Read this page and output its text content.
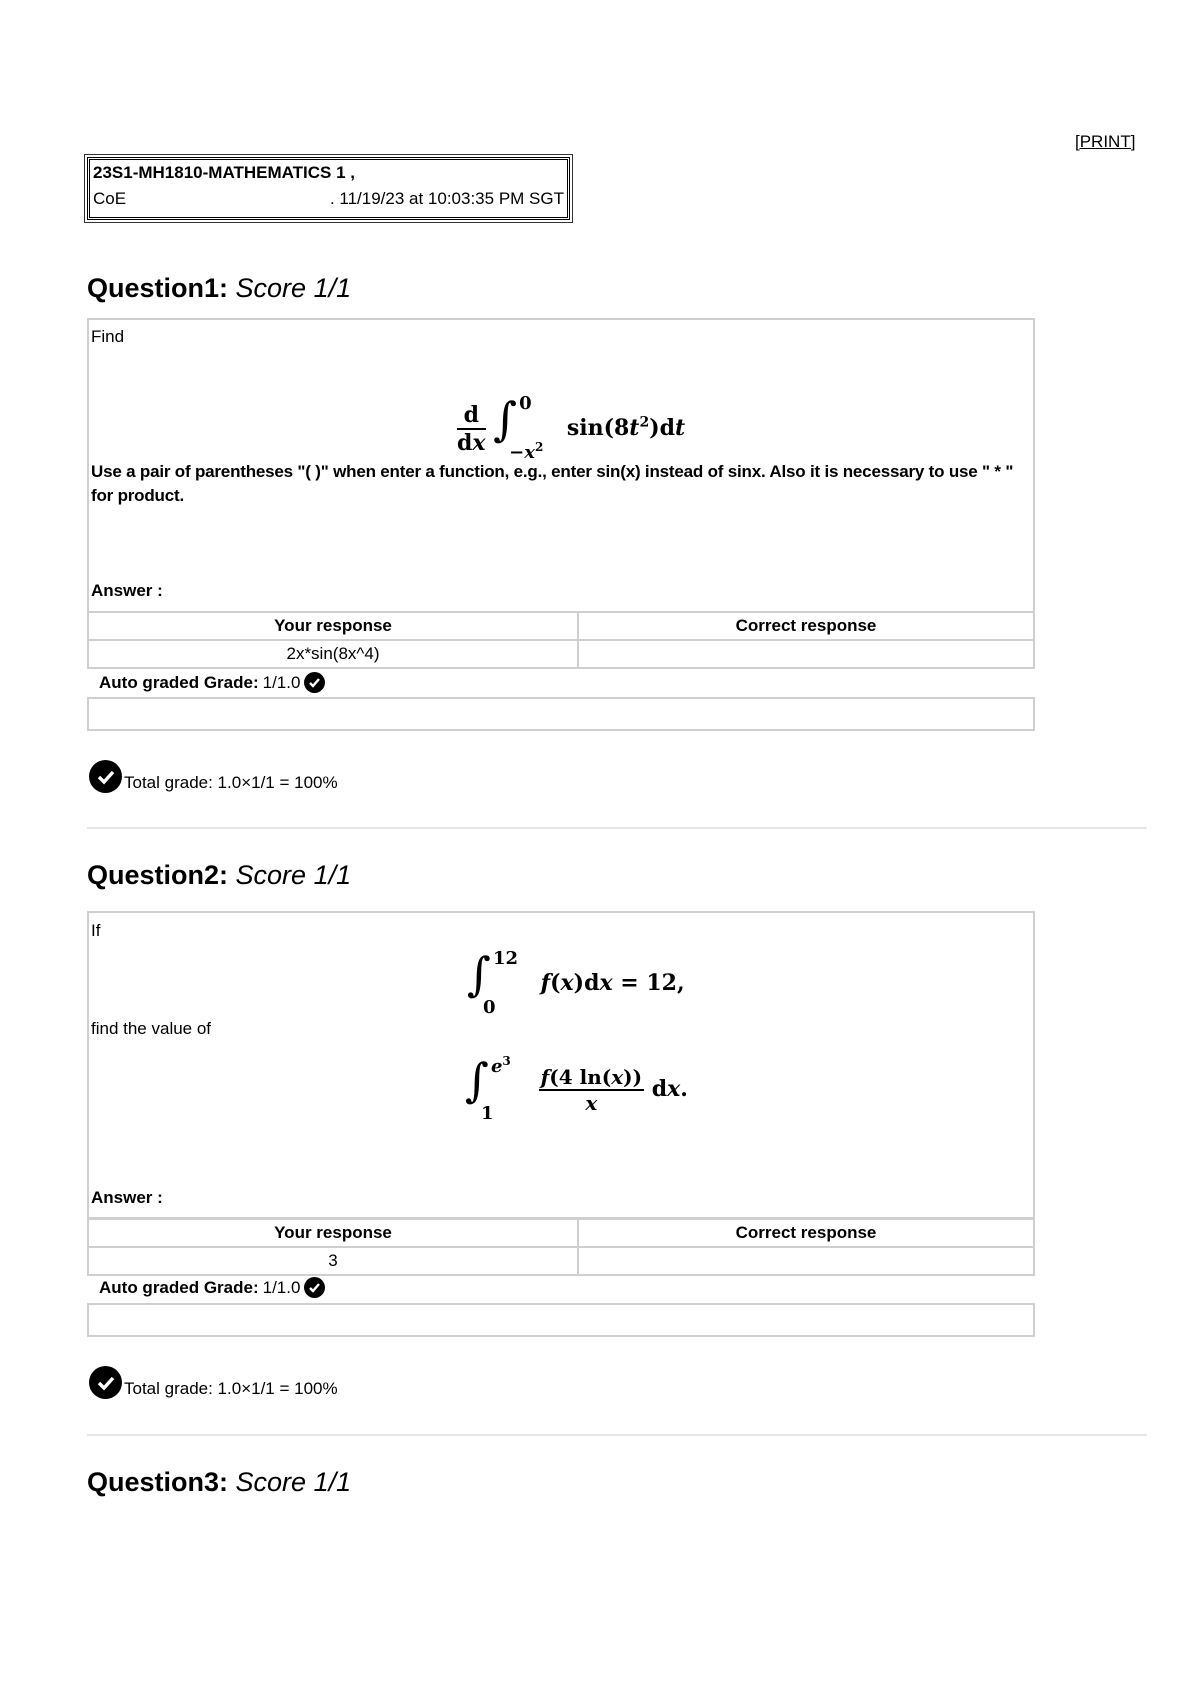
[PRINT]
23S1-MH1810-MATHEMATICS 1 ,
CoE	. 11/19/23 at 10:03:35 PM SGT
Question1: Score 1/1
Find
$\frac{d}{dx}$ ∫ 0
$-x^2$
$\sin(8t^2)dt$
Use a pair of parentheses "( )" when enter a function, e.g., enter sin(x) instead of sinx. Also it is necessary to use " * " for product.
Answer :
Your response	Correct response
2x*sin(8x^4)	
Auto graded Grade: 1/1.0
Total grade: 1.0×1/1 = 100%
Question2: Score 1/1
If
∫ 12
0
f(x)dx = 12,
find the value of
∫ $e^3$
1
$\frac{f(4 \ln(x))}{x}$ dx.
Answer :
Your response	Correct response
3	
Auto graded Grade: 1/1.0
Total grade: 1.0×1/1 = 100%
Question3: Score 1/1
